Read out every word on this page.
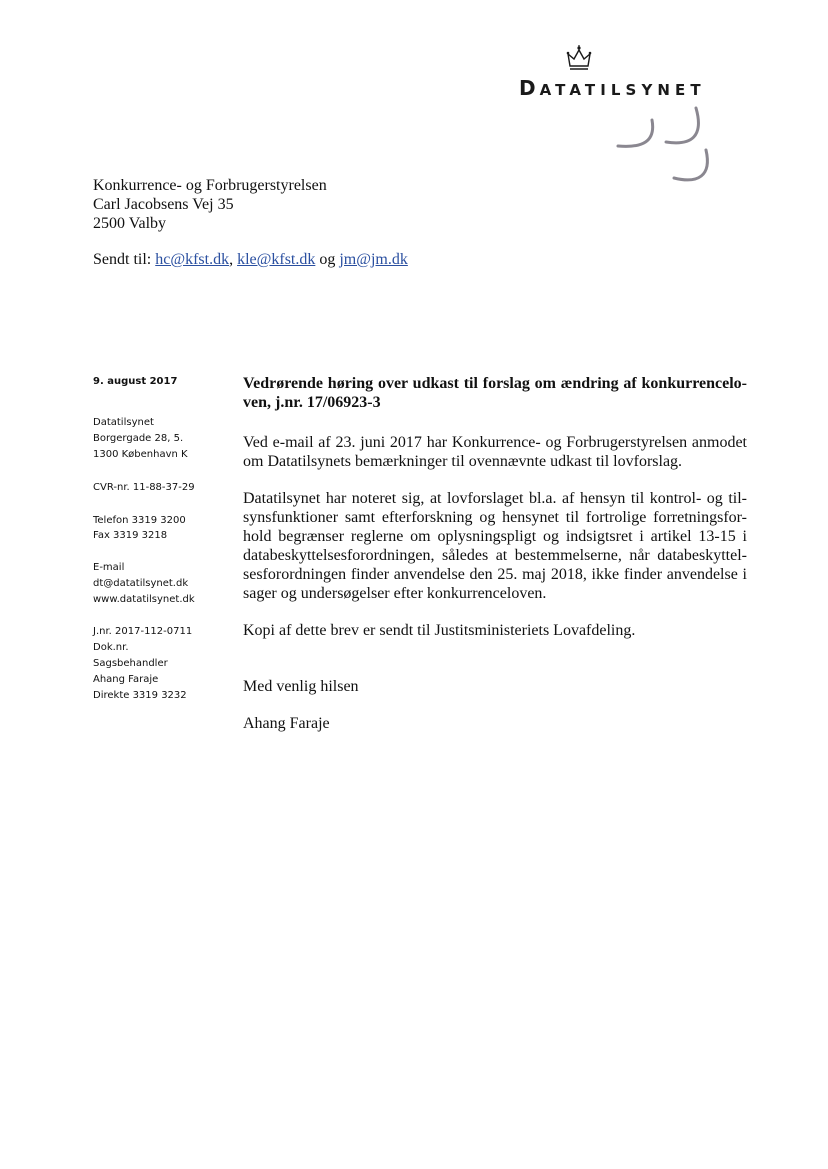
DATATILSYNET
Konkurrence- og Forbrugerstyrelsen
Carl Jacobsens Vej 35
2500 Valby
Sendt til: hc@kfst.dk, kle@kfst.dk og jm@jm.dk
9. august 2017
Datatilsynet
Borgergade 28, 5.
1300 København K
CVR-nr. 11-88-37-29
Telefon 3319 3200
Fax 3319 3218
E-mail
dt@datatilsynet.dk
www.datatilsynet.dk
J.nr. 2017-112-0711
Dok.nr.
Sagsbehandler
Ahang Faraje
Direkte 3319 3232
Vedrørende høring over udkast til forslag om ændring af konkurrencelo-
ven, j.nr. 17/06923-3
Ved e-mail af 23. juni 2017 har Konkurrence- og Forbrugerstyrelsen anmodet
om Datatilsynets bemærkninger til ovennævnte udkast til lovforslag.
Datatilsynet har noteret sig, at lovforslaget bl.a. af hensyn til kontrol- og til-
synsfunktioner samt efterforskning og hensynet til fortrolige forretningsfor-
hold begrænser reglerne om oplysningspligt og indsigtsret i artikel 13-15 i
databeskyttelsesforordningen, således at bestemmelserne, når databeskyttel-
sesforordningen finder anvendelse den 25. maj 2018, ikke finder anvendelse i
sager og undersøgelser efter konkurrenceloven.
Kopi af dette brev er sendt til Justitsministeriets Lovafdeling.
Med venlig hilsen
Ahang Faraje
